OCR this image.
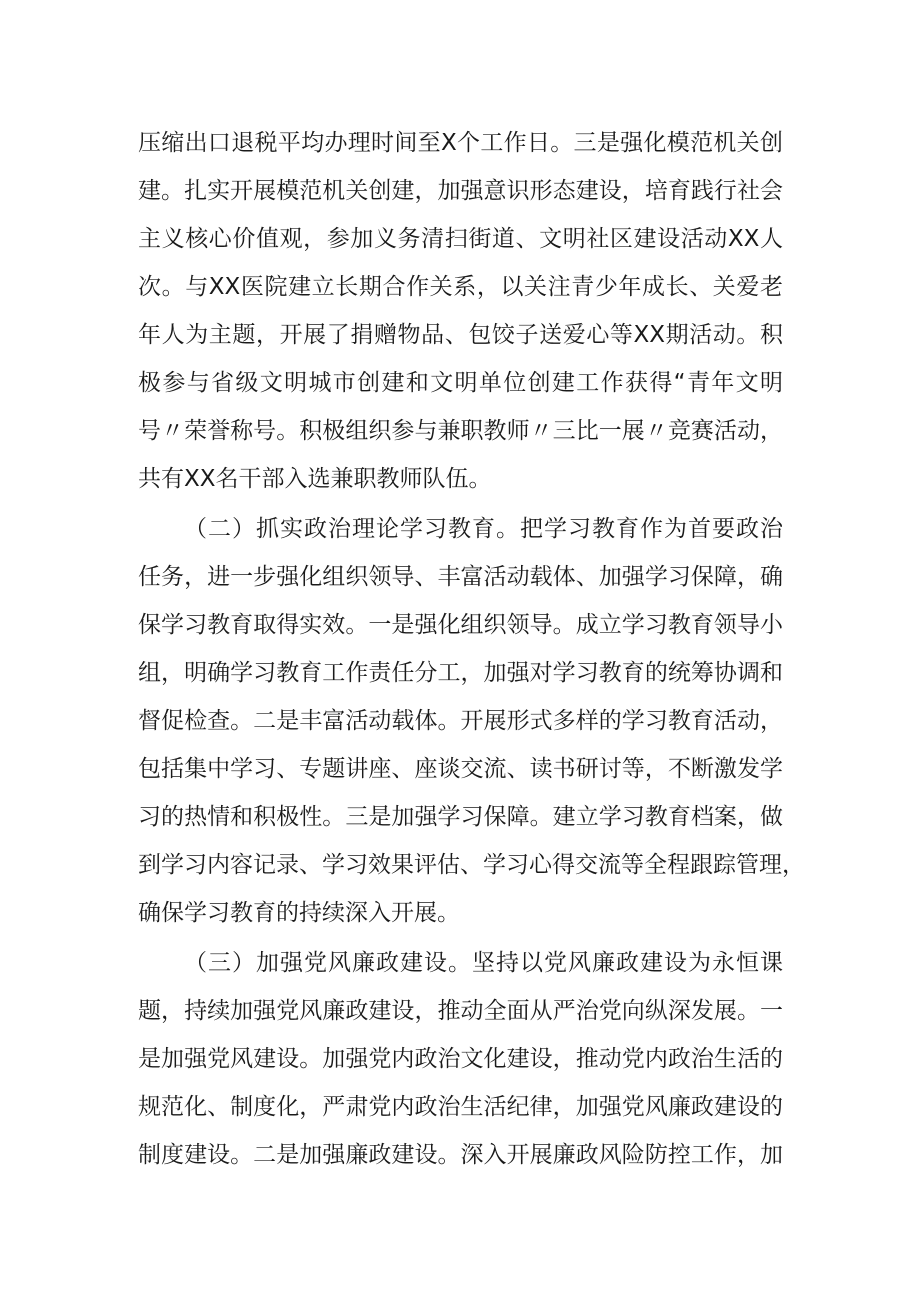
压缩出口退税平均办理时间至X个工作日。三是强化模范机关创
建。扎实开展模范机关创建，加强意识形态建设，培育践行社会
主义核心价值观，参加义务清扫街道、文明社区建设活动XX人
次。与XX医院建立长期合作关系，以关注青少年成长、关爱老
年人为主题，开展了捐赠物品、包饺子送爱心等XX期活动。积
极参与省级文明城市创建和文明单位创建工作获得“青年文明
号〃荣誉称号。积极组织参与兼职教师〃三比一展〃竞赛活动，
共有XX名干部入选兼职教师队伍。
（二）抓实政治理论学习教育。把学习教育作为首要政治
任务，进一步强化组织领导、丰富活动载体、加强学习保障，确
保学习教育取得实效。一是强化组织领导。成立学习教育领导小
组，明确学习教育工作责任分工，加强对学习教育的统筹协调和
督促检查。二是丰富活动载体。开展形式多样的学习教育活动，
包括集中学习、专题讲座、座谈交流、读书研讨等，不断激发学
习的热情和积极性。三是加强学习保障。建立学习教育档案，做
到学习内容记录、学习效果评估、学习心得交流等全程跟踪管理，
确保学习教育的持续深入开展。
（三）加强党风廉政建设。坚持以党风廉政建设为永恒课
题，持续加强党风廉政建设，推动全面从严治党向纵深发展。一
是加强党风建设。加强党内政治文化建设，推动党内政治生活的
规范化、制度化，严肃党内政治生活纪律，加强党风廉政建设的
制度建设。二是加强廉政建设。深入开展廉政风险防控工作，加
